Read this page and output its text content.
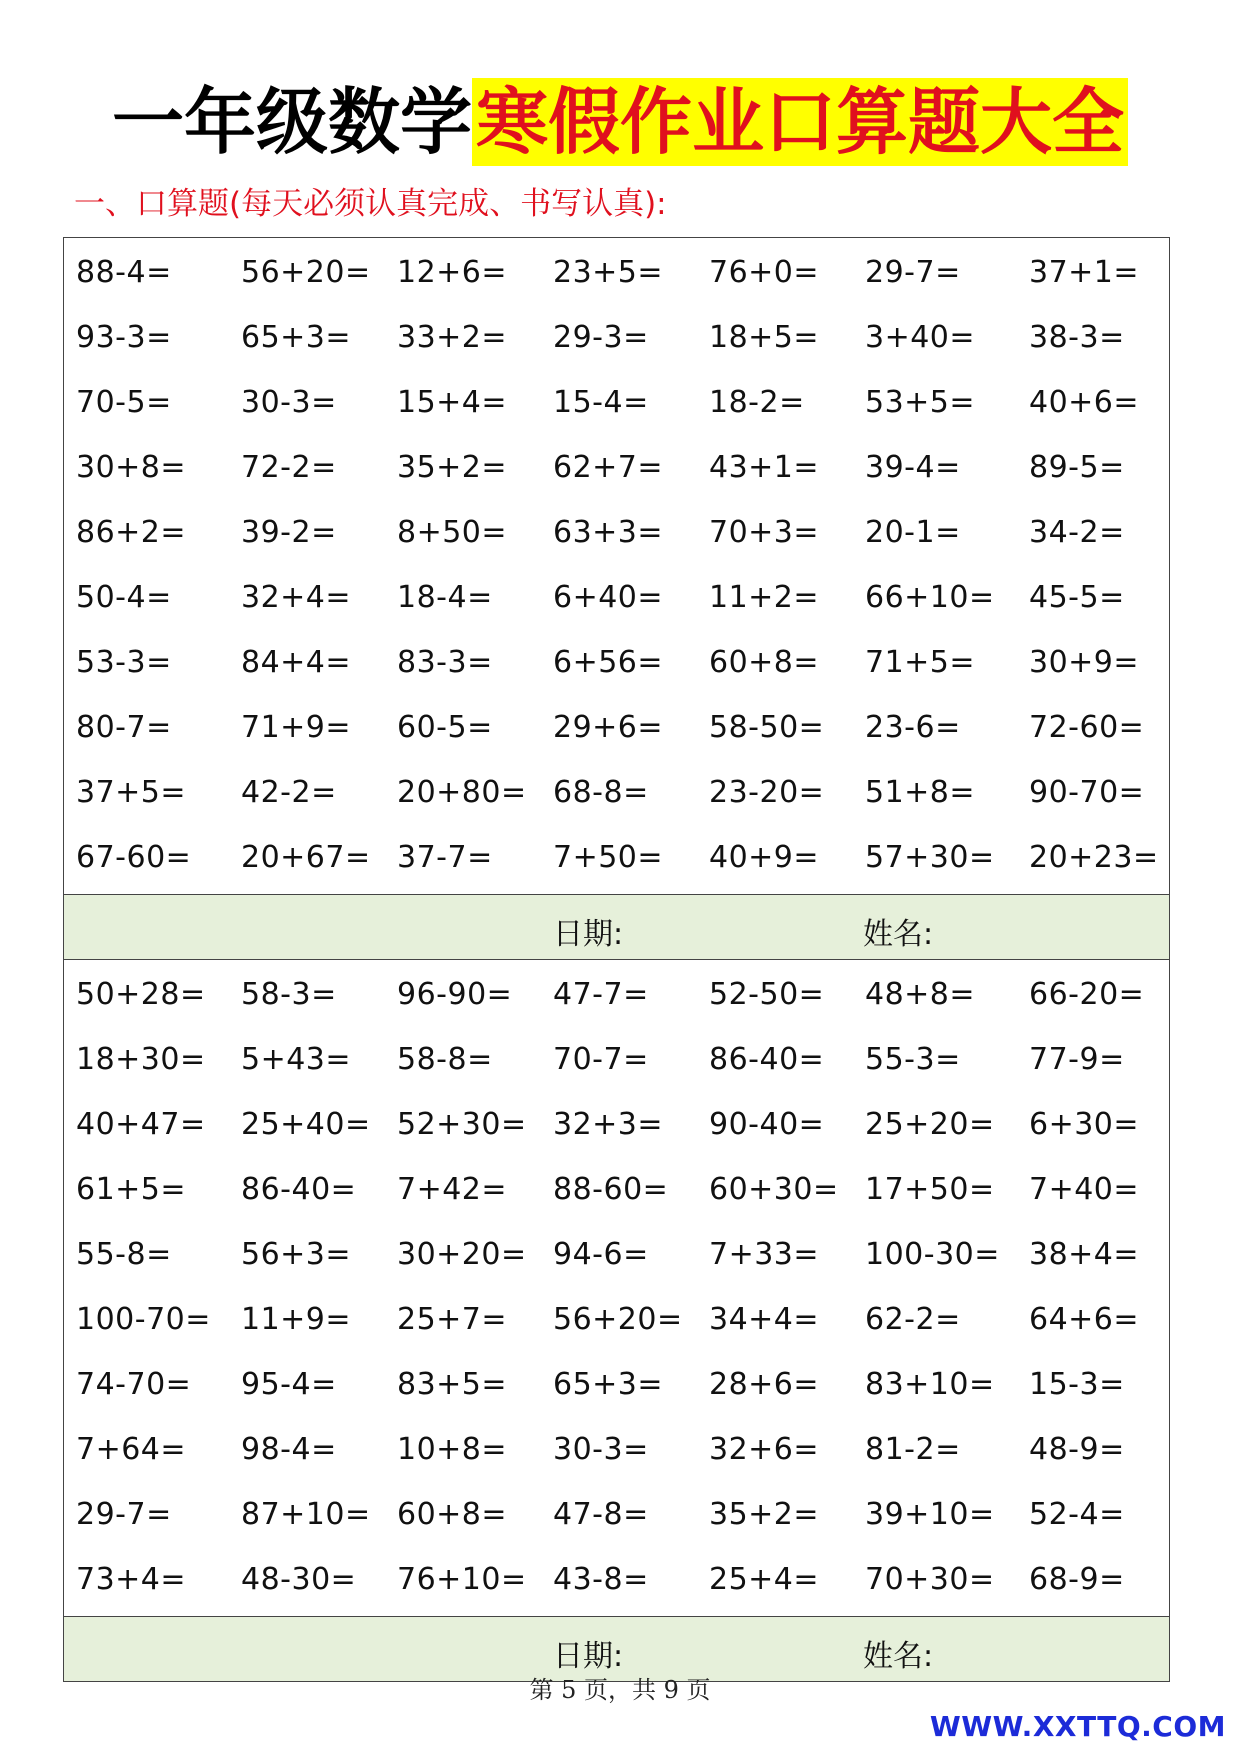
一年级数学寒假作业口算题大全
一、口算题(每天必须认真完成、书写认真):
88-4=	56+20= 12+6=	23+5=	76+0=	29-7=	37+1=
93-3=	65+3=	33+2=	29-3=	18+5=	3+40=	38-3=
70-5=	30-3=	15+4=	15-4=	18-2=	53+5=	40+6=
30+8=	72-2=	35+2=	62+7=	43+1=	39-4=	89-5=
86+2=	39-2=	8+50=	63+3=	70+3=	20-1=	34-2=
50-4=	32+4=	18-4=	6+40=	11+2=	66+10=	45-5=
53-3=	84+4=	83-3=	6+56=	60+8=	71+5=	30+9=
80-7=	71+9=	60-5=	29+6=	58-50=	23-6=	72-60=
37+5=	42-2=	20+80= 68-8=	23-20=	51+8=	90-70=
67-60=	20+67= 37-7=	7+50=	40+9=	57+30=	20+23=
日期:	姓名:
50+28=	58-3=	96-90=	47-7=	52-50=	48+8=	66-20=
18+30=	5+43=	58-8=	70-7=	86-40=	55-3=	77-9=
40+47=	25+40= 52+30= 32+3=	90-40=	25+20=	6+30=
61+5=	86-40=	7+42=	88-60=	60+30= 17+50=	7+40=
55-8=	56+3=	30+20= 94-6=	7+33=	100-30= 38+4=
100-70=	11+9=	25+7=	56+20= 34+4=	62-2=	64+6=
74-70=	95-4=	83+5=	65+3=	28+6=	83+10=	15-3=
7+64=	98-4=	10+8=	30-3=	32+6=	81-2=	48-9=
29-7=	87+10= 60+8=	47-8=	35+2=	39+10=	52-4=
73+4=	48-30=	76+10= 43-8=	25+4=	70+30=	68-9=
日期:	姓名:
第 5 页，共 9 页
WWW.XXTTQ.COM
